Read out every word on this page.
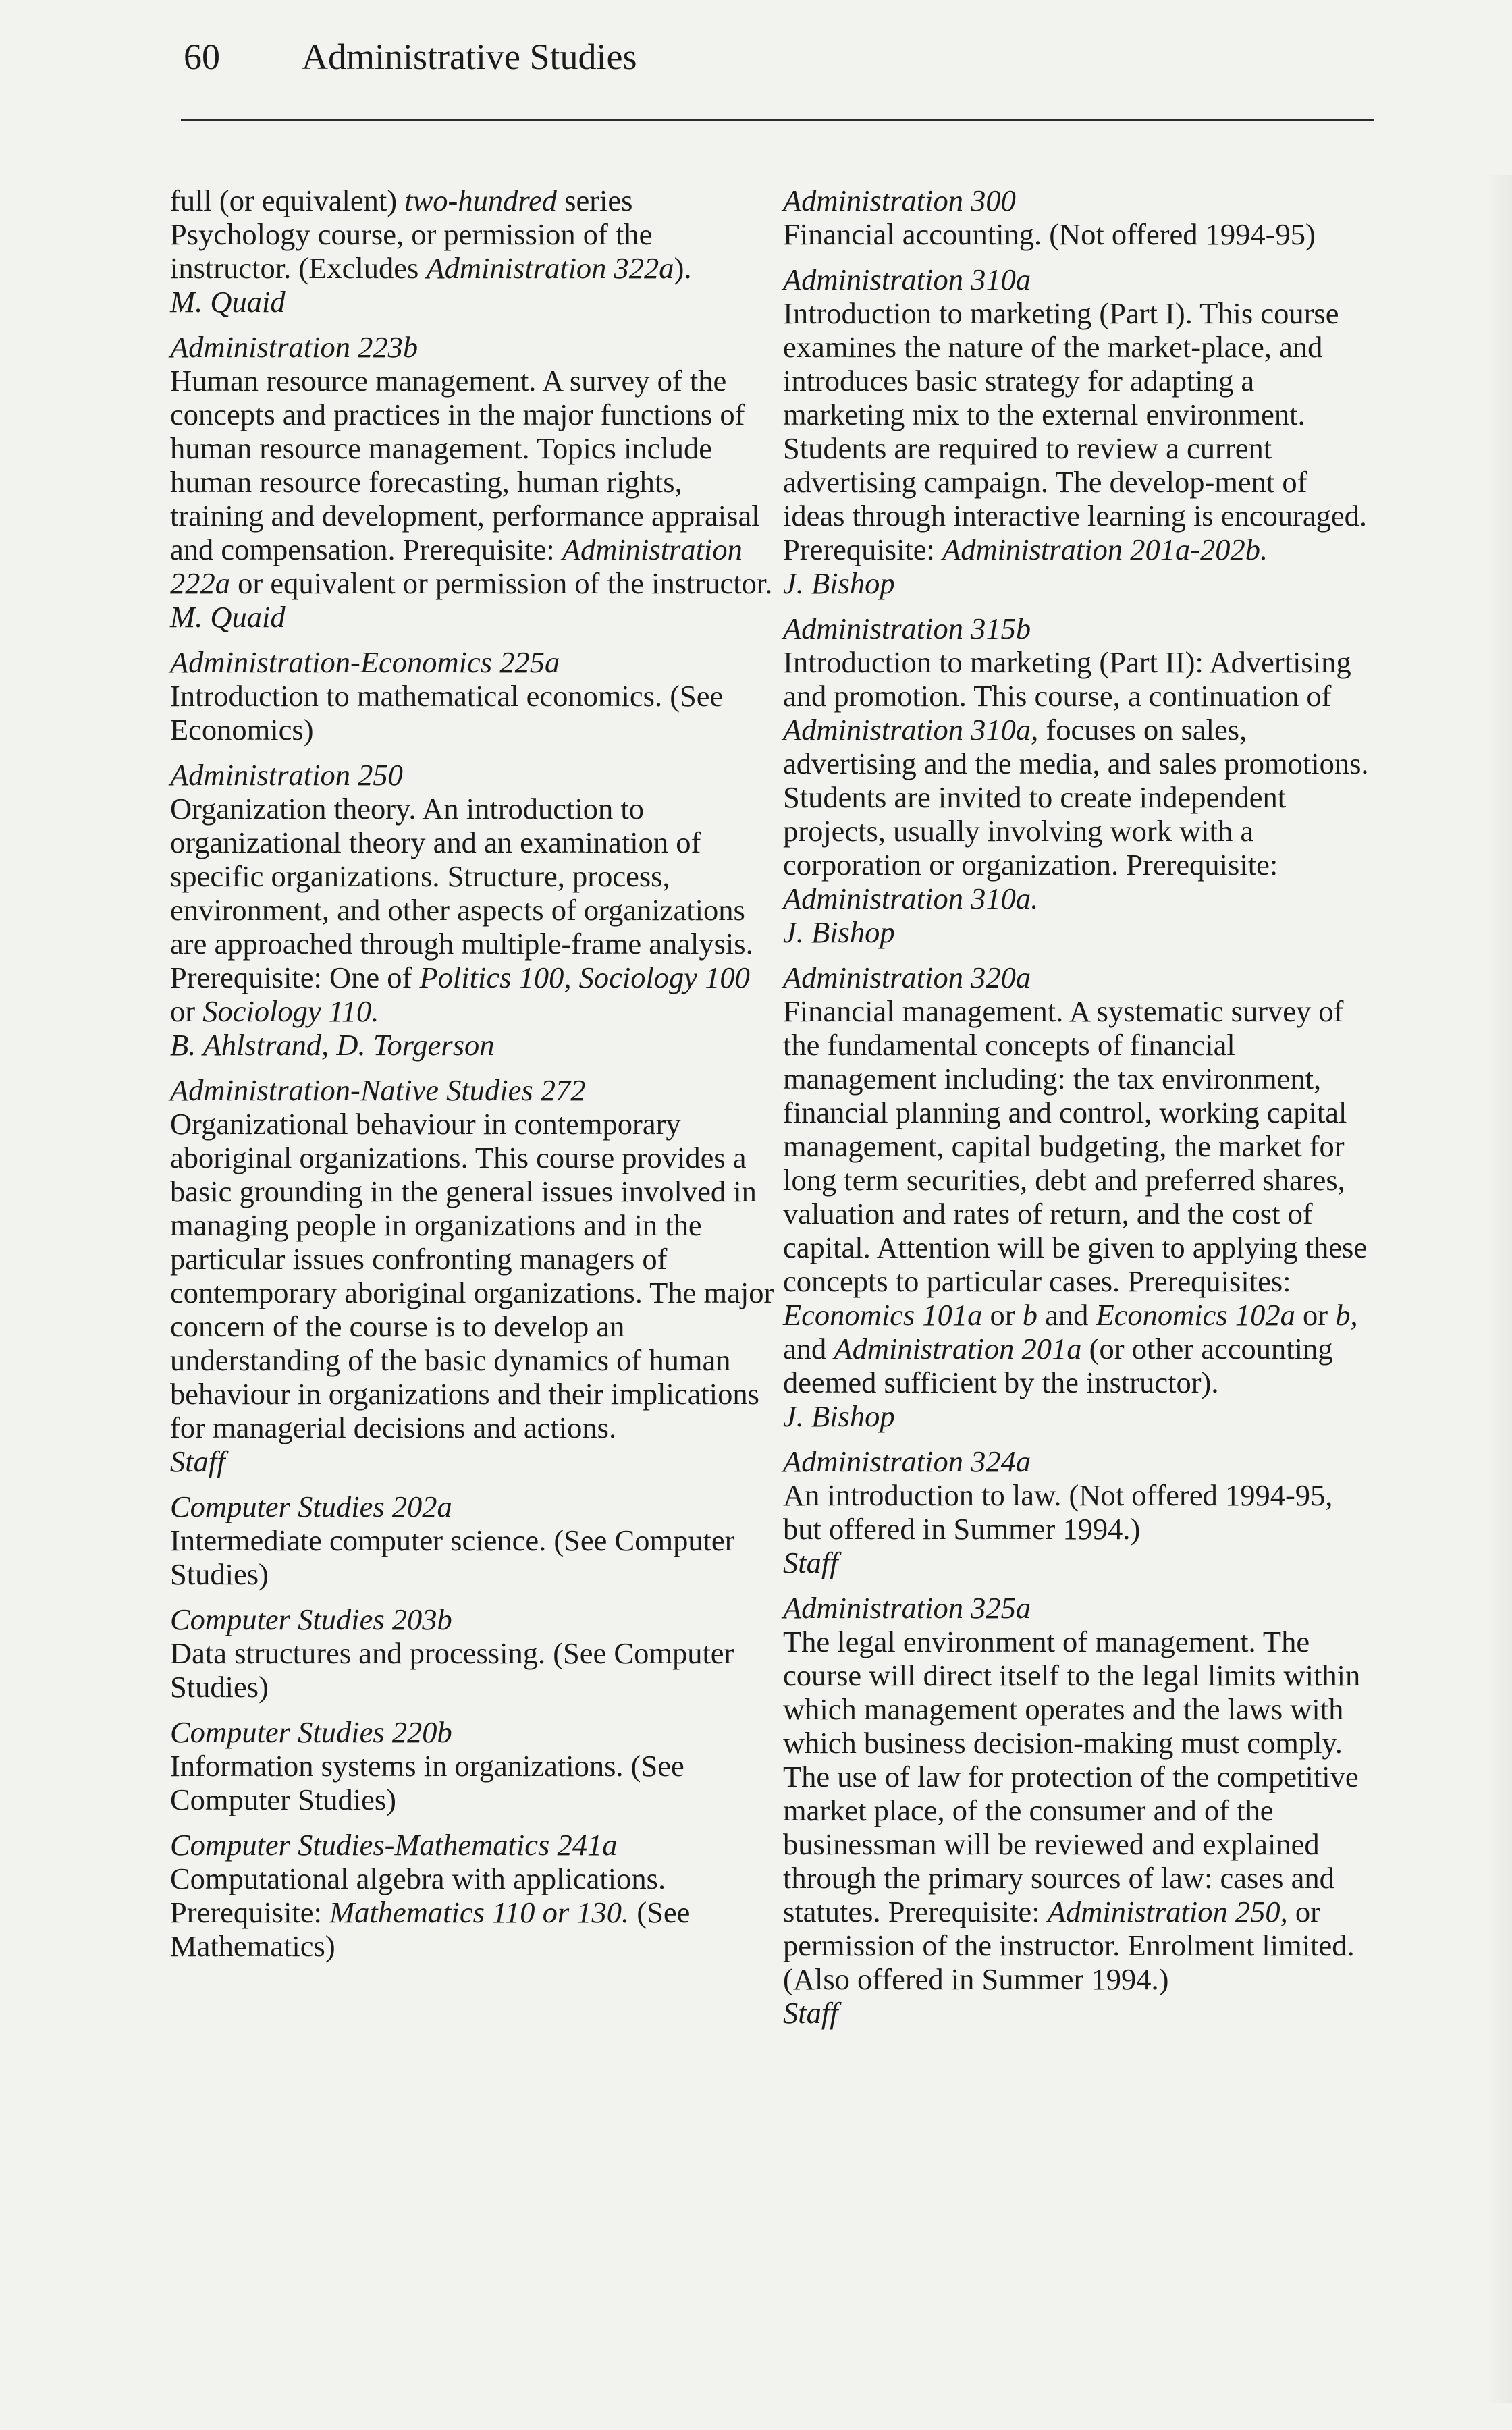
60 Administrative Studies
full (or equivalent) two-hundred series Psychology course, or permission of the instructor. (Excludes Administration 322a).
M. Quaid
Administration 223b
Human resource management. A survey of the concepts and practices in the major functions of human resource management. Topics include human resource forecasting, human rights, training and development, performance appraisal and compensation. Prerequisite: Administration 222a or equivalent or permission of the instructor.
M. Quaid
Administration-Economics 225a
Introduction to mathematical economics. (See Economics)
Administration 250
Organization theory. An introduction to organizational theory and an examination of specific organizations. Structure, process, environment, and other aspects of organizations are approached through multiple-frame analysis. Prerequisite: One of Politics 100, Sociology 100 or Sociology 110.
B. Ahlstrand, D. Torgerson
Administration-Native Studies 272
Organizational behaviour in contemporary aboriginal organizations. This course provides a basic grounding in the general issues involved in managing people in organizations and in the particular issues confronting managers of contemporary aboriginal organizations. The major concern of the course is to develop an understanding of the basic dynamics of human behaviour in organizations and their implications for managerial decisions and actions.
Staff
Computer Studies 202a
Intermediate computer science. (See Computer Studies)
Computer Studies 203b
Data structures and processing. (See Computer Studies)
Computer Studies 220b
Information systems in organizations. (See Computer Studies)
Computer Studies-Mathematics 241a
Computational algebra with applications. Prerequisite: Mathematics 110 or 130. (See Mathematics)
Administration 300
Financial accounting. (Not offered 1994-95)
Administration 310a
Introduction to marketing (Part I). This course examines the nature of the market-place, and introduces basic strategy for adapting a marketing mix to the external environment. Students are required to review a current advertising campaign. The develop-ment of ideas through interactive learning is encouraged. Prerequisite: Administration 201a-202b.
J. Bishop
Administration 315b
Introduction to marketing (Part II): Advertising and promotion. This course, a continuation of Administration 310a, focuses on sales, advertising and the media, and sales promotions. Students are invited to create independent projects, usually involving work with a corporation or organization. Prerequisite: Administration 310a.
J. Bishop
Administration 320a
Financial management. A systematic survey of the fundamental concepts of financial management including: the tax environment, financial planning and control, working capital management, capital budgeting, the market for long term securities, debt and preferred shares, valuation and rates of return, and the cost of capital. Attention will be given to applying these concepts to particular cases. Prerequisites: Economics 101a or b and Economics 102a or b, and Administration 201a (or other accounting deemed sufficient by the instructor).
J. Bishop
Administration 324a
An introduction to law. (Not offered 1994-95, but offered in Summer 1994.)
Staff
Administration 325a
The legal environment of management. The course will direct itself to the legal limits within which management operates and the laws with which business decision-making must comply. The use of law for protection of the competitive market place, of the consumer and of the businessman will be reviewed and explained through the primary sources of law: cases and statutes. Prerequisite: Administration 250, or permission of the instructor. Enrolment limited. (Also offered in Summer 1994.)
Staff
